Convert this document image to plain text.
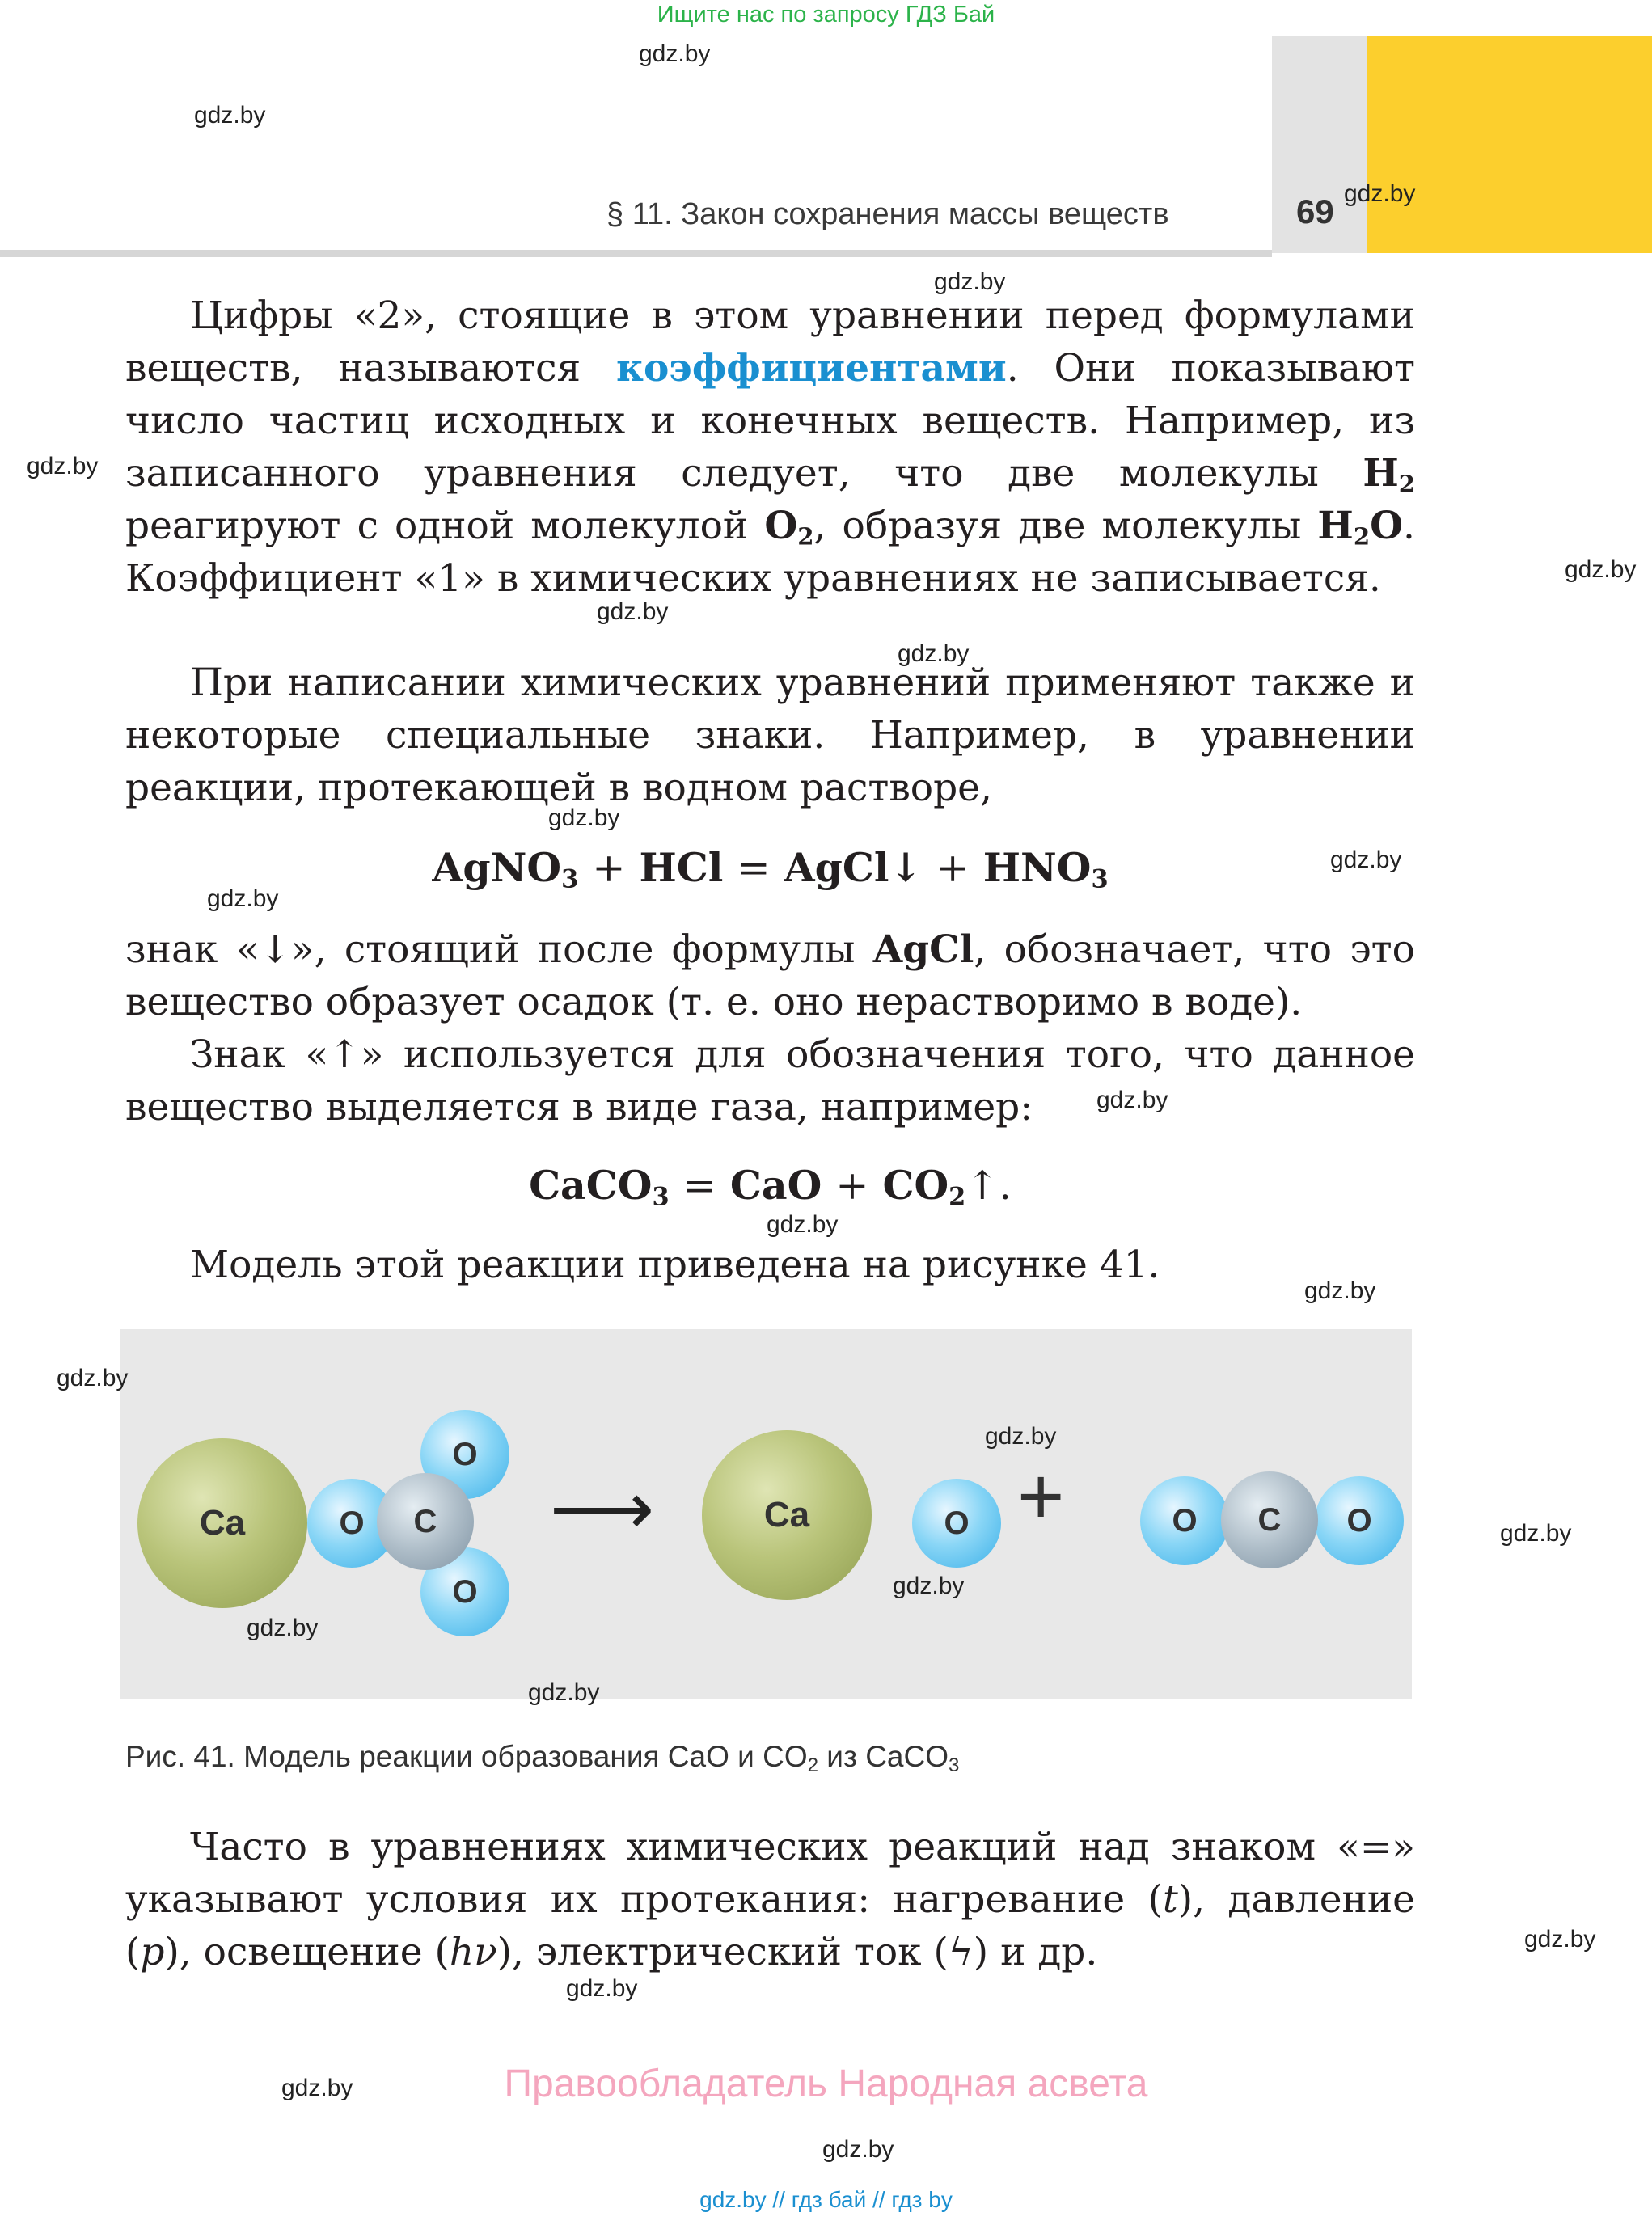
Ищите нас по запросу ГДЗ Бай
§ 11. Закон сохранения массы веществ	69
Цифры «2», стоящие в этом уравнении перед формулами веществ, называются коэффициентами. Они показывают число частиц исходных и конечных веществ. Например, из записанного уравнения следует, что две молекулы $H_2$ реагируют с одной молекулой $O_2$, образуя две молекулы $H_2O$. Коэффициент «1» в химических уравнениях не записывается.
При написании химических уравнений применяют также и некоторые специальные знаки. Например, в уравнении реакции, протекающей в водном растворе,
AgNO$_3$ + HCl = AgCl↓ + $HNO_3$
знак «↓», стоящий после формулы AgCl, обозначает, что это вещество образует осадок (т. е. оно нерастворимо в воде).
Знак «↑» используется для обозначения того, что данное вещество выделяется в виде газа, например:
CaCO$_3$ = CaO + $CO_2↑$.
Модель этой реакции приведена на рисунке 41.
O
O
O	C
Ca	⟶	O
Ca	+	O	O
C
Рис. 41. Модель реакции образования CaO и $CO_2$ из CaCO$_3$
Часто в уравнениях химических реакций над знаком «=» указывают условия их протекания: нагревание (t), давление (p), освещение (hν), электрический ток (ϟ) и др.
Правообладатель Народная асвета
gdz.by // гдз бай // гдз by
gdz.by
gdz.by
gdz.by
gdz.by
gdz.by
gdz.by
gdz.by
gdz.by
gdz.by
gdz.by
gdz.by
gdz.by
gdz.by
gdz.by
gdz.by
gdz.by
gdz.by
gdz.by
gdz.by
gdz.by
gdz.by
gdz.by
gdz.by
gdz.by
